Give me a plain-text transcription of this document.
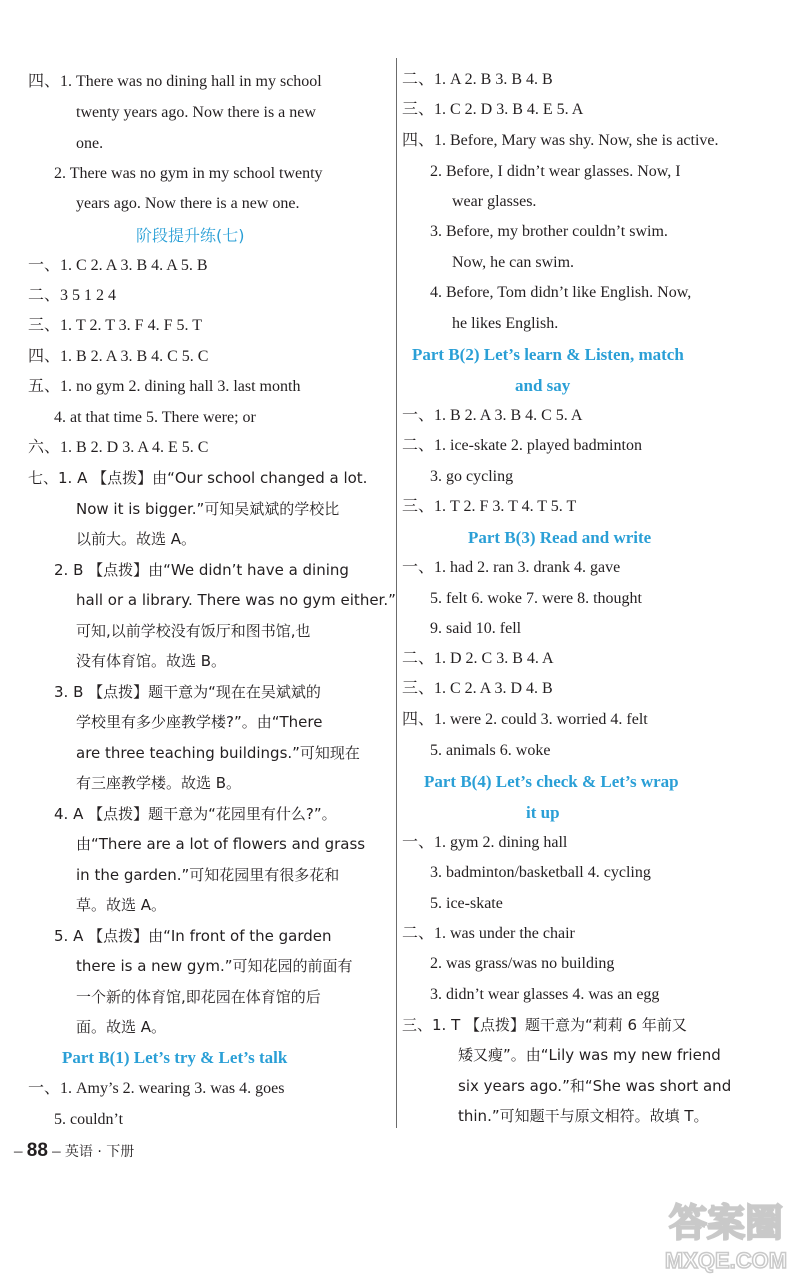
四、1. There was no dining hall in my school
twenty years ago. Now there is a new
one.
2. There was no gym in my school twenty
years ago. Now there is a new one.
阶段提升练(七)
一、1. C 2. A 3. B 4. A 5. B
二、3 5 1 2 4
三、1. T 2. T 3. F 4. F 5. T
四、1. B 2. A 3. B 4. C 5. C
五、1. no gym 2. dining hall 3. last month
4. at that time 5. There were; or
六、1. B 2. D 3. A 4. E 5. C
七、1. A 【点拨】由“Our school changed a lot.
Now it is bigger.”可知吴斌斌的学校比
以前大。故选 A。
2. B 【点拨】由“We didn’t have a dining
hall or a library. There was no gym either.”
可知,以前学校没有饭厅和图书馆,也
没有体育馆。故选 B。
3. B 【点拨】题干意为“现在在吴斌斌的
学校里有多少座教学楼?”。由“There
are three teaching buildings.”可知现在
有三座教学楼。故选 B。
4. A 【点拨】题干意为“花园里有什么?”。
由“There are a lot of flowers and grass
in the garden.”可知花园里有很多花和
草。故选 A。
5. A 【点拨】由“In front of the garden
there is a new gym.”可知花园的前面有
一个新的体育馆,即花园在体育馆的后
面。故选 A。
Part B(1) Let’s try & Let’s talk
一、1. Amy’s 2. wearing 3. was 4. goes
5. couldn’t
二、1. A 2. B 3. B 4. B
三、1. C 2. D 3. B 4. E 5. A
四、1. Before, Mary was shy. Now, she is active.
2. Before, I didn’t wear glasses. Now, I
wear glasses.
3. Before, my brother couldn’t swim.
Now, he can swim.
4. Before, Tom didn’t like English. Now,
he likes English.
Part B(2) Let’s learn & Listen, match
and say
一、1. B 2. A 3. B 4. C 5. A
二、1. ice-skate 2. played badminton
3. go cycling
三、1. T 2. F 3. T 4. T 5. T
Part B(3) Read and write
一、1. had 2. ran 3. drank 4. gave
5. felt 6. woke 7. were 8. thought
9. said 10. fell
二、1. D 2. C 3. B 4. A
三、1. C 2. A 3. D 4. B
四、1. were 2. could 3. worried 4. felt
5. animals 6. woke
Part B(4) Let’s check & Let’s wrap
it up
一、1. gym 2. dining hall
3. badminton/basketball 4. cycling
5. ice-skate
二、1. was under the chair
2. was grass/was no building
3. didn’t wear glasses 4. was an egg
三、1. T 【点拨】题干意为“莉莉 6 年前又
矮又瘦”。由“Lily was my new friend
six years ago.”和“She was short and
thin.”可知题干与原文相符。故填 T。
– 88 – 英语 · 下册
答案圈
MXQE.COM
